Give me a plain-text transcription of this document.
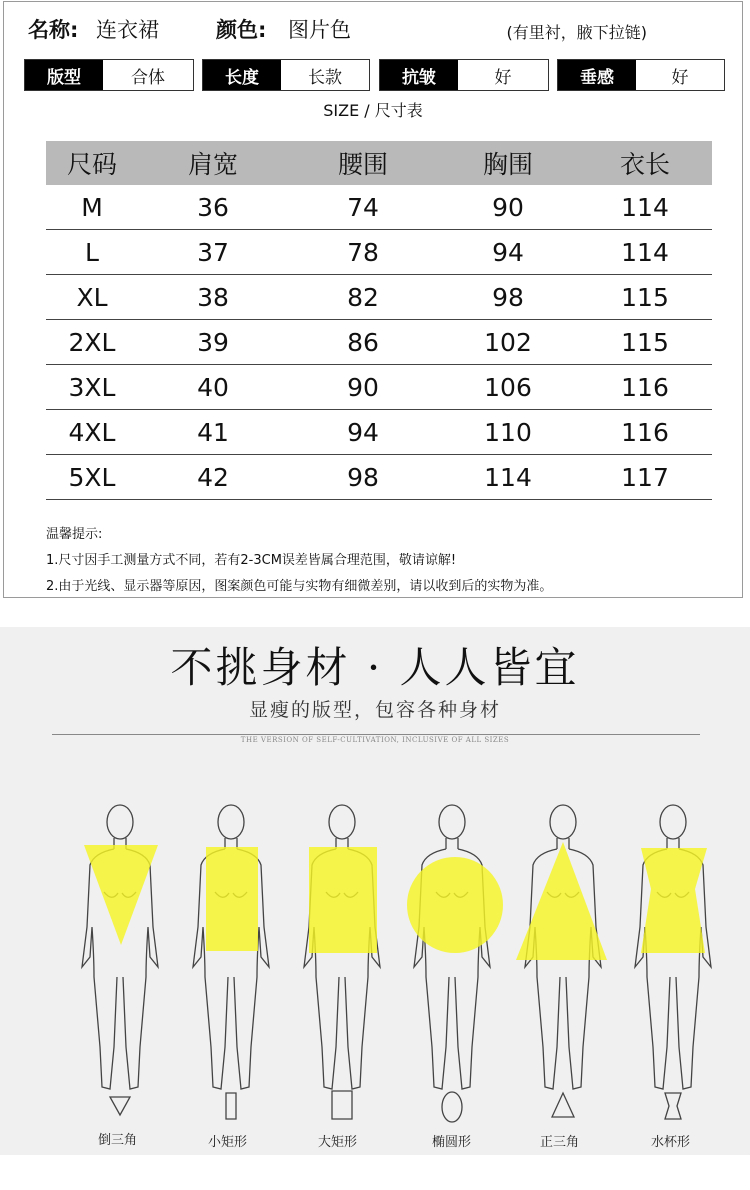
名称: 连衣裙	颜色: 图片色	(有里衬，腋下拉链)
版型	合体	长度	长款	抗皱	好	垂感	好
SIZE / 尺寸表
尺码	肩宽	腰围	胸围	衣长
M	36	74	90	114
L	37	78	94	114
XL	38	82	98	115
2XL	39	86	102	115
3XL	40	90	106	116
4XL	41	94	110	116
5XL	42	98	114	117
温馨提示:
1.尺寸因手工测量方式不同，若有2-3CM误差皆属合理范围，敬请谅解!
2.由于光线、显示器等原因，图案颜色可能与实物有细微差别，请以收到后的实物为准。
不挑身材 · 人人皆宜
显瘦的版型，包容各种身材
THE VERSION OF SELF-CULTIVATION, INCLUSIVE OF ALL SIZES
倒三角	小矩形	大矩形	椭圆形	正三角	水杯形
